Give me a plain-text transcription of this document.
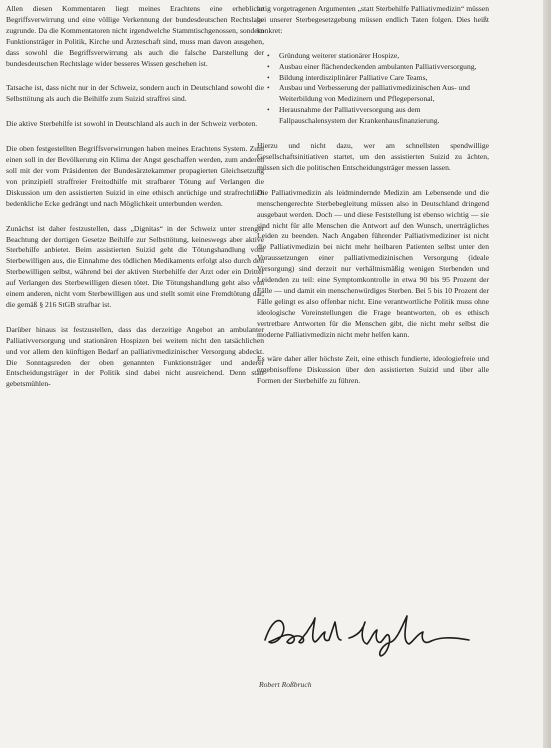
Allen diesen Kommentaren liegt meines Erachtens eine erhebliche Begriffsverwirrung und eine völlige Verkennung der bundesdeutschen Rechtslage zugrunde. Da die Kommentatoren nicht irgendwelche Stammtischgenossen, sondern Funktionsträger in Politik, Kirche und Ärzteschaft sind, muss man davon ausgehen, dass sowohl die Begriffsverwirrung als auch die falsche Darstellung der bundesdeutschen Rechtslage wider besseres Wissen geschehen ist.

Tatsache ist, dass nicht nur in der Schweiz, sondern auch in Deutschland sowohl die Selbsttötung als auch die Beihilfe zum Suizid straffrei sind.

Die aktive Sterbehilfe ist sowohl in Deutschland als auch in der Schweiz verboten.

Die oben festgestellten Begriffsverwirrungen haben meines Erachtens System. Zum einen soll in der Bevölkerung ein Klima der Angst geschaffen werden, zum anderen soll mit der vom Präsidenten der Bundesärztekammer propagierten Gleichsetzung von prinzipiell straffreier Freitodhilfe mit strafbarer Tötung auf Verlangen die Diskussion um den assistierten Suizid in eine ethisch anrüchige und strafrechtlich bedenkliche Ecke gedrängt und nach Möglichkeit unterbunden werden.

Zunächst ist daher festzustellen, dass „Dignitas“ in der Schweiz unter strenger Beachtung der dortigen Gesetze Beihilfe zur Selbsttötung, keineswegs aber aktive Sterbehilfe anbietet. Beim assistierten Suizid geht die Tötungshandlung vom Sterbewilligen aus, die Einnahme des tödlichen Medikaments erfolgt also durch den Sterbewilligen selbst, während bei der aktiven Sterbehilfe der Arzt oder ein Dritter auf Verlangen des Sterbewilligen diesen tötet. Die Tötungshandlung geht also von einem anderen, nicht vom Sterbewilligen aus und stellt somit eine Fremdtötung dar, die gemäß § 216 StGB strafbar ist.

Darüber hinaus ist festzustellen, dass das derzeitige Angebot an ambulanter Palliativversorgung und stationären Hospizen bei weitem nicht den tatsächlichen und vor allem den künftigen Bedarf an palliativmedizinischer Versorgung abdeckt. Die Sonntagsreden der oben genannten Funktionsträger und anderer Entscheidungsträger in der Politik sind dabei nicht ausreichend. Denn statt gebetsmühlen-

artig vorgetragenen Argumenten „statt Sterbehilfe Palliativmedizin“ müssen bei unserer Sterbegesetzgebung müssen endlich Taten folgen. Dies heißt konkret:

• Gründung weiterer stationärer Hospize,
• Ausbau einer flächendeckenden ambulanten Palliativversorgung,
• Bildung interdisziplinärer Palliative Care Teams,
• Ausbau und Verbesserung der palliativmedizinischen Aus- und Weiterbildung von Medizinern und Pflegepersonal,
• Herausnahme der Palliativversorgung aus dem Fallpauschalensystem der Krankenhausfinanzierung.

Hierzu und nicht dazu, wer am schnellsten spendwillige Gesellschaftsinitiativen startet, um den assistierten Suizid zu ächten, müssen sich die politischen Entscheidungsträger messen lassen.

Die Palliativmedizin als leidmindernde Medizin am Lebensende und die menschengerechte Sterbebegleitung müssen also in Deutschland dringend ausgebaut werden. Doch — und diese Feststellung ist ebenso wichtig — sie sind nicht für alle Menschen die Antwort auf den Wunsch, unerträgliches Leiden zu beenden. Nach Angaben führender Palliativmediziner ist nicht die Palliativmedizin bei nicht mehr heilbaren Patienten selbst unter den Voraussetzungen einer palliativmedizinischen Versorgung (ideale Versorgung) sind derzeit nur verhältnismäßig wenigen Sterbenden und Leidenden zu teil: eine Symptomkontrolle in etwa 90 bis 95 Prozent der Fälle — und damit ein menschenwürdiges Sterben. Bei 5 bis 10 Prozent der Fälle gelingt es also offenbar nicht. Eine verantwortliche Politik muss ohne ideologische Voreinstellungen die Frage beantworten, ob es ethisch vertretbare Antworten für die Menschen gibt, die nicht mehr selbst die moderne Palliativmedizin nicht mehr helfen kann.

Es wäre daher aller höchste Zeit, eine ethisch fundierte, ideologiefreie und ergebnisoffene Diskussion über den assistierten Suizid und über alle Formen der Sterbehilfe zu führen.

Robert Roßbruch
